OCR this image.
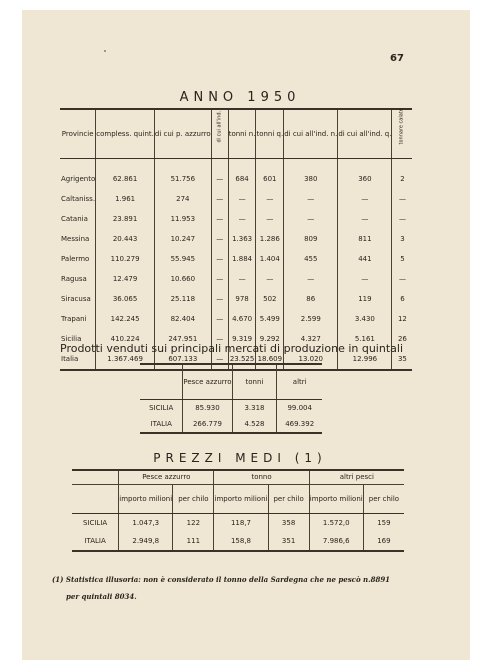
67
ANNO 1950
Provincie	compless. quint.	di cui p. azzurro	di cui all'ind.	tonni n.	tonni q.	di cui all'ind. n.	di cui all'ind. q.	tonnare calate

Agrigento	62.861	51.756	—	684	601	380	360	2
Caltaniss.	1.961	274	—	—	—	—	—	—
Catania	23.891	11.953	—	—	—	—	—	—
Messina	20.443	10.247	—	1.363	1.286	809	811	3
Palermo	110.279	55.945	—	1.884	1.404	455	441	5
Ragusa	12.479	10.660	—	—	—	—	—	—
Siracusa	36.065	25.118	—	978	502	86	119	6
Trapani	142.245	82.404	—	4.670	5.499	2.599	3.430	12
Sicilia	410.224	247.951	—	9.319	9.292	4.327	5.161	26
Italia	1.367.469	607.133	—	23.525	18.609	13.020	12.996	35
Prodotti venduti sui principali mercati di produzione in quintali
	Pesce azzurro	tonni	altri
SICILIA	85.930	3.318	99.004
ITALIA	266.779	4.528	469.392
PREZZI MEDI (1)
	Pesce azzurro		tonno		altri pesci	
	importo milioni	per chilo	importo milioni	per chilo	importo milioni	per chilo
SICILIA	1.047,3	122	118,7	358	1.572,0	159
ITALIA	2.949,8	111	158,8	351	7.986,6	169
(1) Statistica illusoria: non è considerato il tonno della Sardegna che ne pescò n.8891
per quintali 8034.
